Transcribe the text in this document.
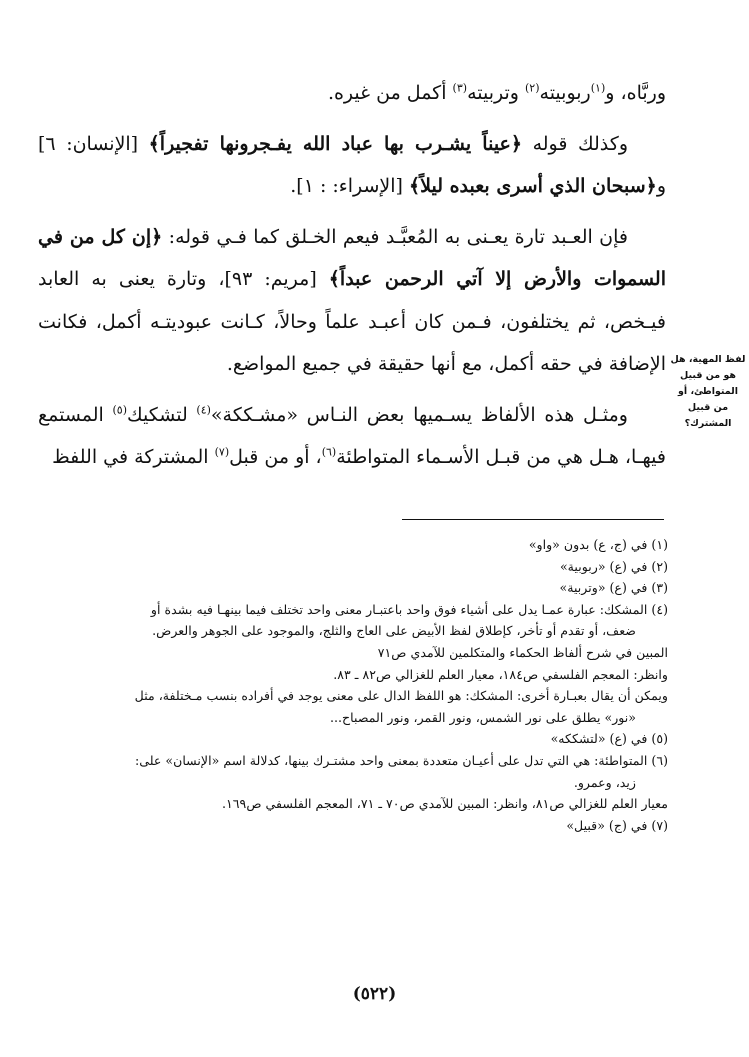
وربَّاه، و$^{(١)}$ربوبيته$^{(٢)}$ وتربيته$^{(٣)}$ أكمل من غيره.

وكذلك قوله ﴿عيناً يشـرب بها عباد الله يفـجرونها تفجيراً﴾ [الإنسان: ٦] و﴿سبحان الذي أسرى بعبده ليلاً﴾ [الإسراء: : ١].

فإن العـبد تارة يعـنى به المُعبَّـد فيعم الخـلق كما فـي قوله: ﴿إن كل من في السموات والأرض إلا آتي الرحمن عبداً﴾ [مريم: ٩٣]، وتارة يعنى به العابد فيـخص، ثم يختلفون، فـمن كان أعبـد علماً وحالاً، كـانت عبوديتـه أكمل، فكانت الإضافة في حقه أكمل، مع أنها حقيقة في جميع المواضع.

ومثـل هذه الألفاظ يسـميها بعض النـاس «مشـككة»$^{(٤)}$ لتشكيك$^{(٥)}$ المستمع فيهـا، هـل هي من قبـل الأسـماء المتواطئة$^{(٦)}$، أو من قبل$^{(٧)}$ المشتركة في اللفظ

لفظ المهية، هل هو من قبيل المتواطئ، أو من قبيل المشترك؟

(١) في (ج، ع) بدون «واو»

(٢) في (ع) «ربوبية»

(٣) في (ع) «وتربية»

(٤) المشكك: عبارة عمـا يدل على أشياء فوق واحد باعتبـار معنى واحد تختلف فيما بينهـا فيه بشدة أو

ضعف، أو تقدم أو تأخر، كإطلاق لفظ الأبيض على العاج والثلج، والموجود على الجوهر والعرض.

المبين في شرح ألفاظ الحكماء والمتكلمين للآمدي ص٧١

وانظر: المعجم الفلسفي ص١٨٤، معيار العلم للغزالي ص٨٢ ـ ٨٣.

ويمكن أن يقال بعبـارة أخرى: المشكك: هو اللفظ الدال على معنى يوجد في أفراده بنسب مـختلفة، مثل

«نور» يطلق على نور الشمس، ونور القمر، ونور المصباح...

(٥) في (ع) «لتشككه»

(٦) المتواطئة: هي التي تدل على أعيـان متعددة بمعنى واحد مشتـرك بينها، كدلالة اسم «الإنسان» على:

زيد، وعمرو.

معيار العلم للغزالي ص٨١، وانظر: المبين للآمدي ص٧٠ ـ ٧١، المعجم الفلسفي ص١٦٩.

(٧) في (ج) «قبيل»

(٥٢٢)
